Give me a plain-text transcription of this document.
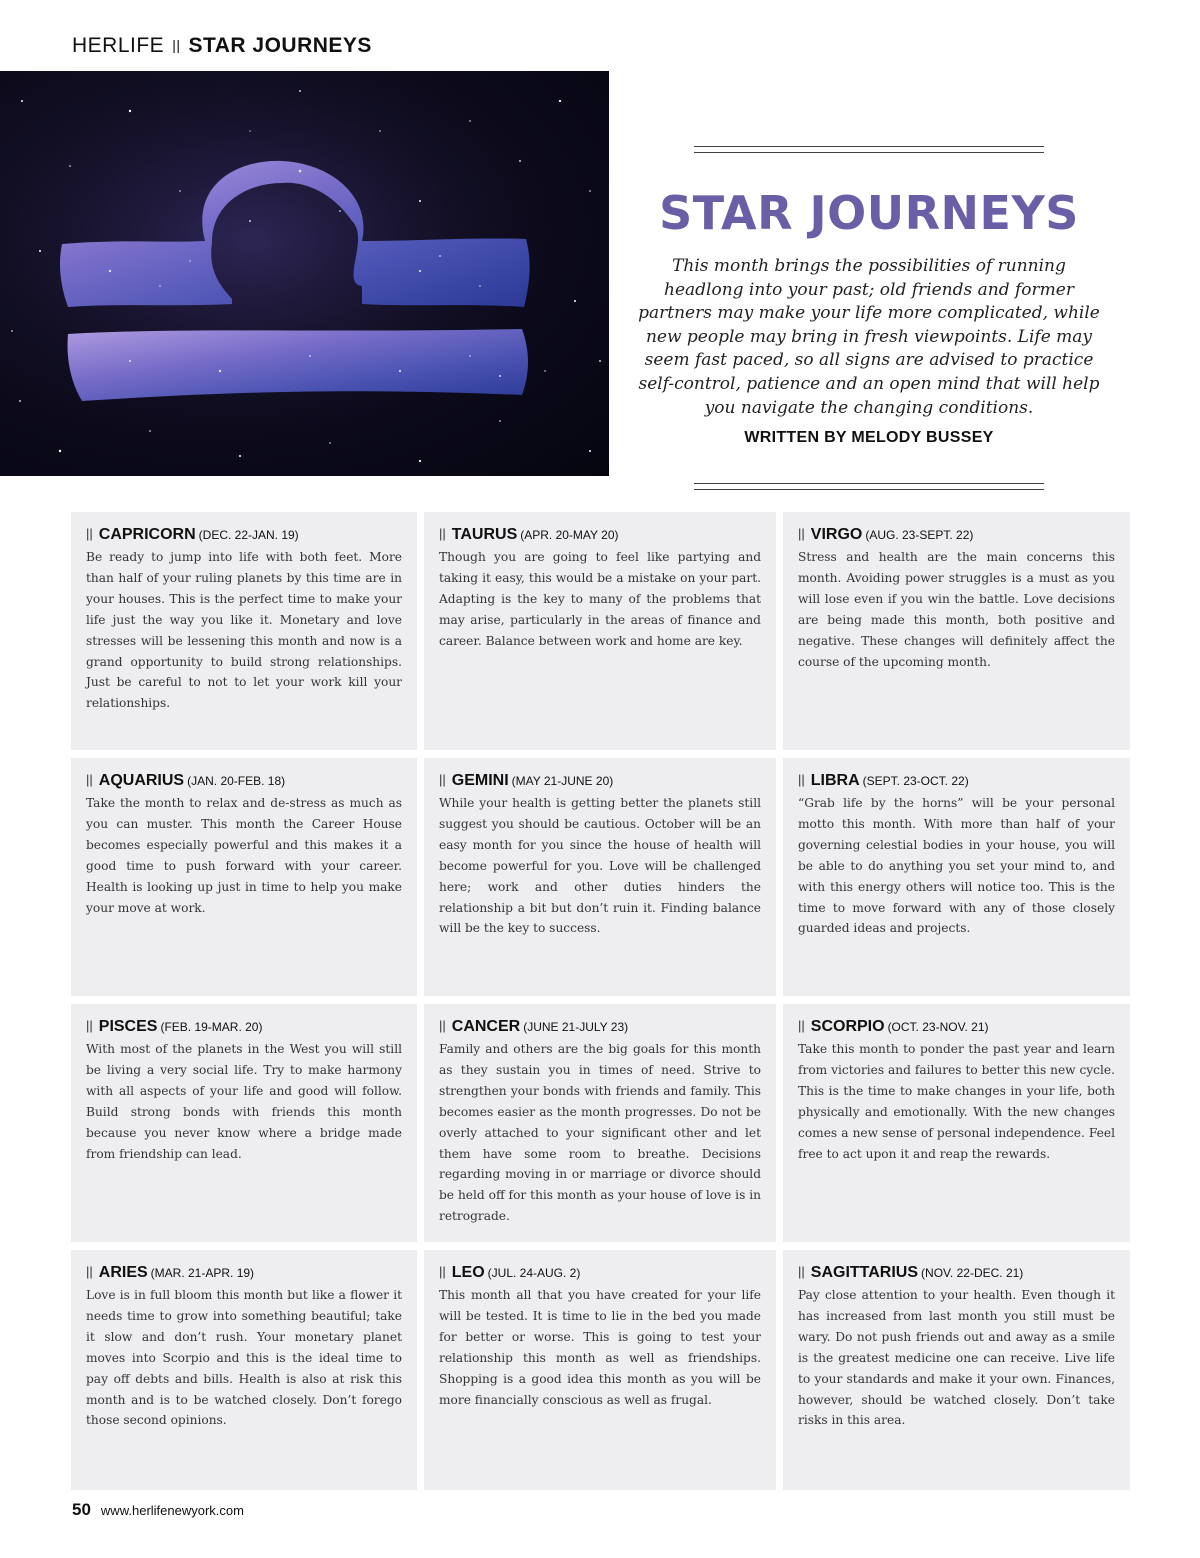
HERLIFE || STAR JOURNEYS
STAR JOURNEYS

This month brings the possibilities of running headlong into your past; old friends and former partners may make your life more complicated, while new people may bring in fresh viewpoints. Life may seem fast paced, so all signs are advised to practice self-control, patience and an open mind that will help you navigate the changing conditions.

WRITTEN BY MELODY BUSSEY
|| CAPRICORN (DEC. 22-JAN. 19)

Be ready to jump into life with both feet. More than half of your ruling planets by this time are in your houses. This is the perfect time to make your life just the way you like it. Monetary and love stresses will be lessening this month and now is a grand opportunity to build strong relationships. Just be careful to not to let your work kill your relationships.

|| TAURUS (APR. 20-MAY 20)

Though you are going to feel like partying and taking it easy, this would be a mistake on your part. Adapting is the key to many of the problems that may arise, particularly in the areas of finance and career. Balance between work and home are key.

|| VIRGO (AUG. 23-SEPT. 22)

Stress and health are the main concerns this month. Avoiding power struggles is a must as you will lose even if you win the battle. Love decisions are being made this month, both positive and negative. These changes will definitely affect the course of the upcoming month.

|| AQUARIUS (JAN. 20-FEB. 18)

Take the month to relax and de-stress as much as you can muster. This month the Career House becomes especially powerful and this makes it a good time to push forward with your career. Health is looking up just in time to help you make your move at work.

|| GEMINI (MAY 21-JUNE 20)

While your health is getting better the planets still suggest you should be cautious. October will be an easy month for you since the house of health will become powerful for you. Love will be challenged here; work and other duties hinders the relationship a bit but don’t ruin it. Finding balance will be the key to success.

|| LIBRA (SEPT. 23-OCT. 22)

“Grab life by the horns” will be your personal motto this month. With more than half of your governing celestial bodies in your house, you will be able to do anything you set your mind to, and with this energy others will notice too. This is the time to move forward with any of those closely guarded ideas and projects.

|| PISCES (FEB. 19-MAR. 20)

With most of the planets in the West you will still be living a very social life. Try to make harmony with all aspects of your life and good will follow. Build strong bonds with friends this month because you never know where a bridge made from friendship can lead.

|| CANCER (JUNE 21-JULY 23)

Family and others are the big goals for this month as they sustain you in times of need. Strive to strengthen your bonds with friends and family. This becomes easier as the month progresses. Do not be overly attached to your significant other and let them have some room to breathe. Decisions regarding moving in or marriage or divorce should be held off for this month as your house of love is in retrograde.

|| SCORPIO (OCT. 23-NOV. 21)

Take this month to ponder the past year and learn from victories and failures to better this new cycle. This is the time to make changes in your life, both physically and emotionally. With the new changes comes a new sense of personal independence. Feel free to act upon it and reap the rewards.

|| ARIES (MAR. 21-APR. 19)

Love is in full bloom this month but like a flower it needs time to grow into something beautiful; take it slow and don’t rush. Your monetary planet moves into Scorpio and this is the ideal time to pay off debts and bills. Health is also at risk this month and is to be watched closely. Don’t forego those second opinions.

|| LEO (JUL. 24-AUG. 2)

This month all that you have created for your life will be tested. It is time to lie in the bed you made for better or worse. This is going to test your relationship this month as well as friendships. Shopping is a good idea this month as you will be more financially conscious as well as frugal.

|| SAGITTARIUS (NOV. 22-DEC. 21)

Pay close attention to your health. Even though it has increased from last month you still must be wary. Do not push friends out and away as a smile is the greatest medicine one can receive. Live life to your standards and make it your own. Finances, however, should be watched closely. Don’t take risks in this area.

50 www.herlifenewyork.com
